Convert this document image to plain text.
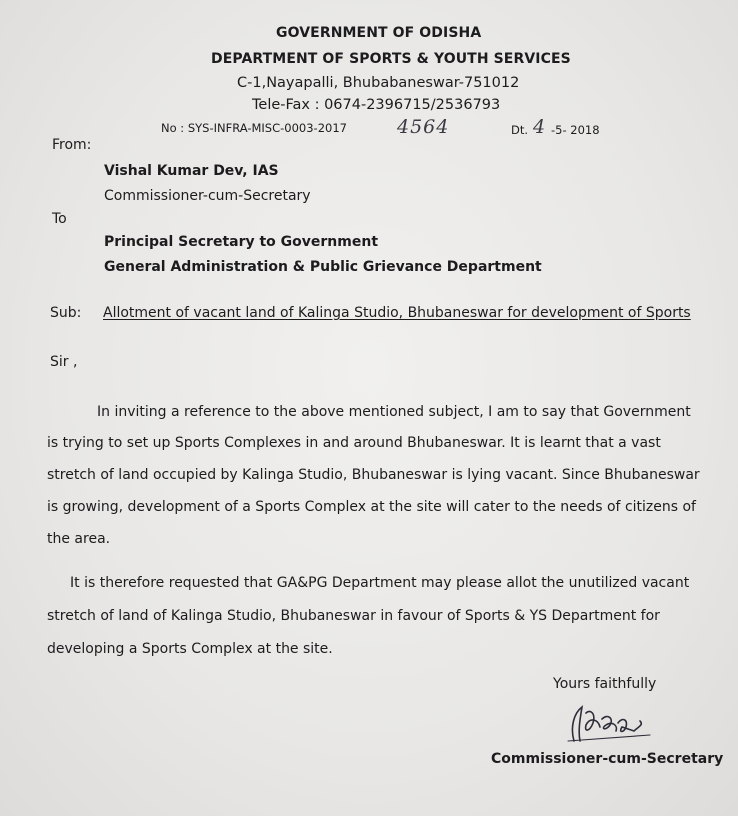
GOVERNMENT OF ODISHA
DEPARTMENT OF SPORTS & YOUTH SERVICES
C-1,Nayapalli, Bhubabaneswar-751012
Tele-Fax : 0674-2396715/2536793
No : SYS-INFRA-MISC-0003-2017	4564	Dt. 4 -5- 2018
From:
Vishal Kumar Dev, IAS
Commissioner-cum-Secretary
To
Principal Secretary to Government
General Administration & Public Grievance Department
Sub: Allotment of vacant land of Kalinga Studio, Bhubaneswar for development of Sports
Sir ,
In inviting a reference to the above mentioned subject, I am to say that Government
is trying to set up Sports Complexes in and around Bhubaneswar. It is learnt that a vast
stretch of land occupied by Kalinga Studio, Bhubaneswar is lying vacant. Since Bhubaneswar
is growing, development of a Sports Complex at the site will cater to the needs of citizens of
the area.
It is therefore requested that GA&PG Department may please allot the unutilized vacant
stretch of land of Kalinga Studio, Bhubaneswar in favour of Sports & YS Department for
developing a Sports Complex at the site.
Yours faithfully
Commissioner-cum-Secretary
